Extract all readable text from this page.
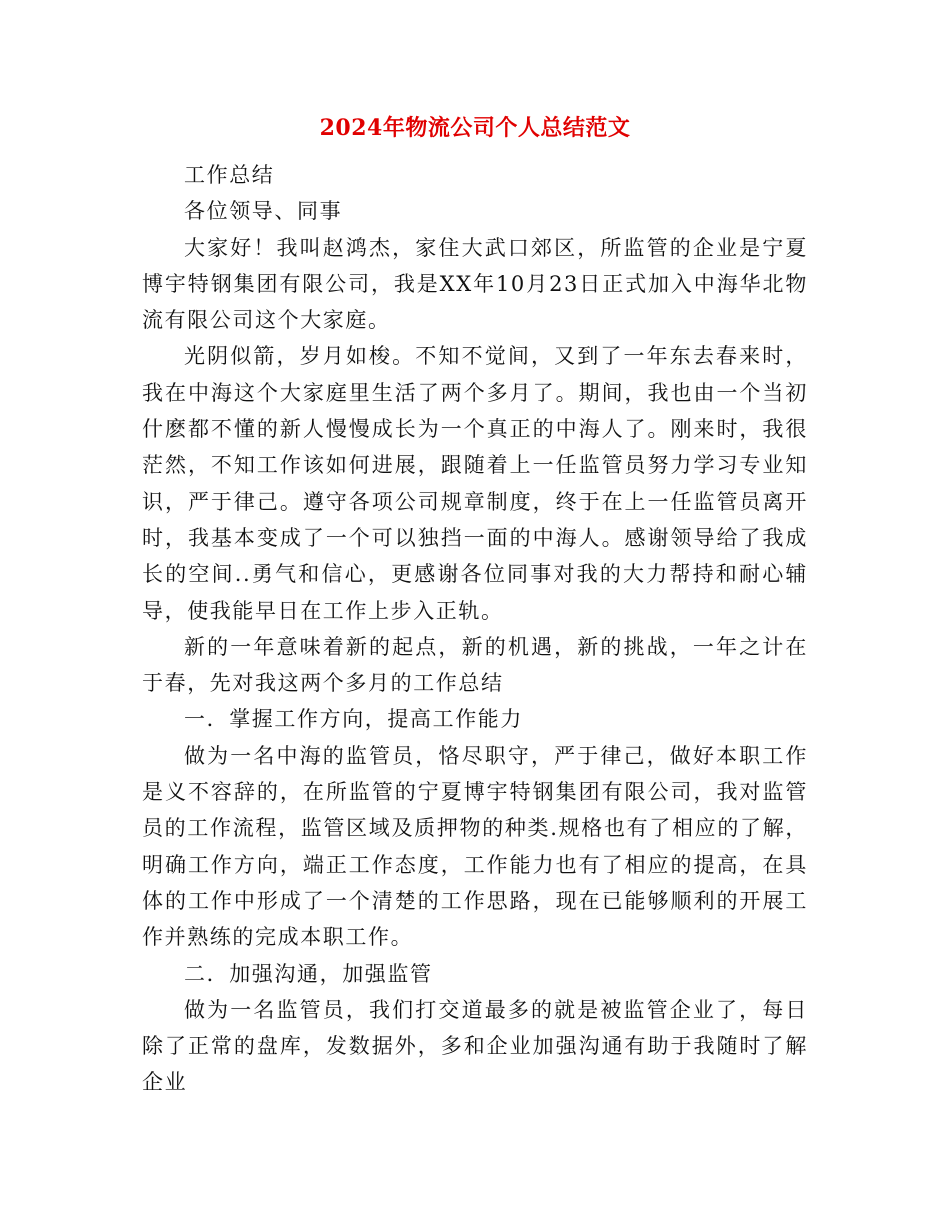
2024年物流公司个人总结范文

工作总结

各位领导、同事

大家好！我叫赵鸿杰，家住大武口郊区，所监管的企业是宁夏博宇特钢集团有限公司，我是XX年10月23日正式加入中海华北物流有限公司这个大家庭。

光阴似箭，岁月如梭。不知不觉间，又到了一年东去春来时，我在中海这个大家庭里生活了两个多月了。期间，我也由一个当初什麽都不懂的新人慢慢成长为一个真正的中海人了。刚来时，我很茫然，不知工作该如何进展，跟随着上一任监管员努力学习专业知识，严于律己。遵守各项公司规章制度，终于在上一任监管员离开时，我基本变成了一个可以独挡一面的中海人。感谢领导给了我成长的空间..勇气和信心，更感谢各位同事对我的大力帮持和耐心辅导，使我能早日在工作上步入正轨。

新的一年意味着新的起点，新的机遇，新的挑战，一年之计在于春，先对我这两个多月的工作总结

一．掌握工作方向，提高工作能力

做为一名中海的监管员，恪尽职守，严于律己，做好本职工作是义不容辞的，在所监管的宁夏博宇特钢集团有限公司，我对监管员的工作流程，监管区域及质押物的种类.规格也有了相应的了解，明确工作方向，端正工作态度，工作能力也有了相应的提高，在具体的工作中形成了一个清楚的工作思路，现在已能够顺利的开展工作并熟练的完成本职工作。

二．加强沟通，加强监管

做为一名监管员，我们打交道最多的就是被监管企业了，每日除了正常的盘库，发数据外，多和企业加强沟通有助于我随时了解企业
